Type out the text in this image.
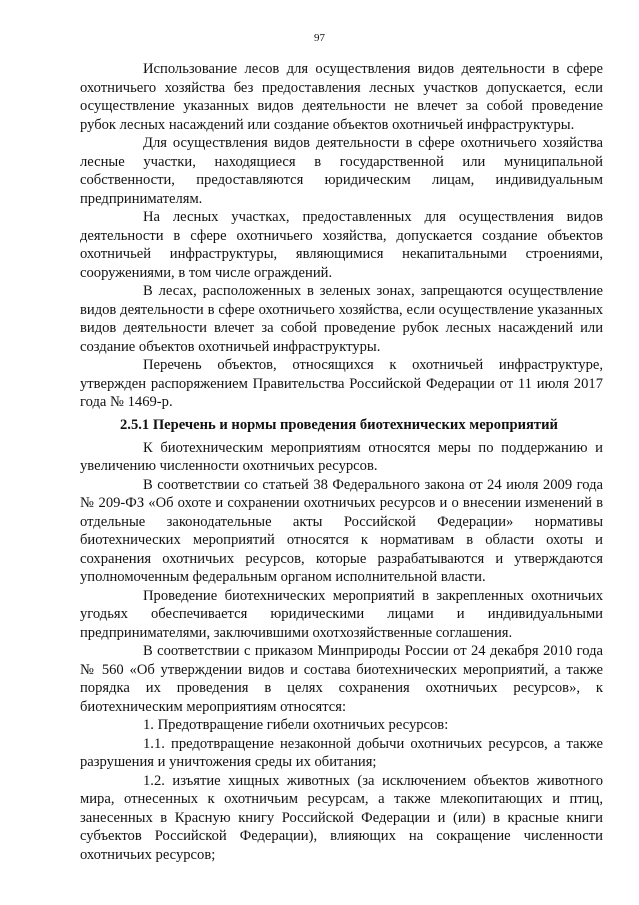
97

Использование лесов для осуществления видов деятельности в сфере охотничьего хозяйства без предоставления лесных участков допускается, если осуществление указанных видов деятельности не влечет за собой проведение рубок лесных насаждений или создание объектов охотничьей инфраструктуры.

Для осуществления видов деятельности в сфере охотничьего хозяйства лесные участки, находящиеся в государственной или муниципальной собственности, предоставляются юридическим лицам, индивидуальным предпринимателям.

На лесных участках, предоставленных для осуществления видов деятельности в сфере охотничьего хозяйства, допускается создание объектов охотничьей инфраструктуры, являющимися некапитальными строениями, сооружениями, в том числе ограждений.

В лесах, расположенных в зеленых зонах, запрещаются осуществление видов деятельности в сфере охотничьего хозяйства, если осуществление указанных видов деятельности влечет за собой проведение рубок лесных насаждений или создание объектов охотничьей инфраструктуры.

Перечень объектов, относящихся к охотничьей инфраструктуре, утвержден распоряжением Правительства Российской Федерации от 11 июля 2017 года № 1469-р.

2.5.1 Перечень и нормы проведения биотехнических мероприятий

К биотехническим мероприятиям относятся меры по поддержанию и увеличению численности охотничьих ресурсов.

В соответствии со статьей 38 Федерального закона от 24 июля 2009 года № 209-ФЗ «Об охоте и сохранении охотничьих ресурсов и о внесении изменений в отдельные законодательные акты Российской Федерации» нормативы биотехнических мероприятий относятся к нормативам в области охоты и сохранения охотничьих ресурсов, которые разрабатываются и утверждаются уполномоченным федеральным органом исполнительной власти.

Проведение биотехнических мероприятий в закрепленных охотничьих угодьях обеспечивается юридическими лицами и индивидуальными предпринимателями, заключившими охотхозяйственные соглашения.

В соответствии с приказом Минприроды России от 24 декабря 2010 года № 560 «Об утверждении видов и состава биотехнических мероприятий, а также порядка их проведения в целях сохранения охотничьих ресурсов», к биотехническим мероприятиям относятся:

1. Предотвращение гибели охотничьих ресурсов:

1.1. предотвращение незаконной добычи охотничьих ресурсов, а также разрушения и уничтожения среды их обитания;

1.2. изъятие хищных животных (за исключением объектов животного мира, отнесенных к охотничьим ресурсам, а также млекопитающих и птиц, занесенных в Красную книгу Российской Федерации и (или) в красные книги субъектов Российской Федерации), влияющих на сокращение численности охотничьих ресурсов;
